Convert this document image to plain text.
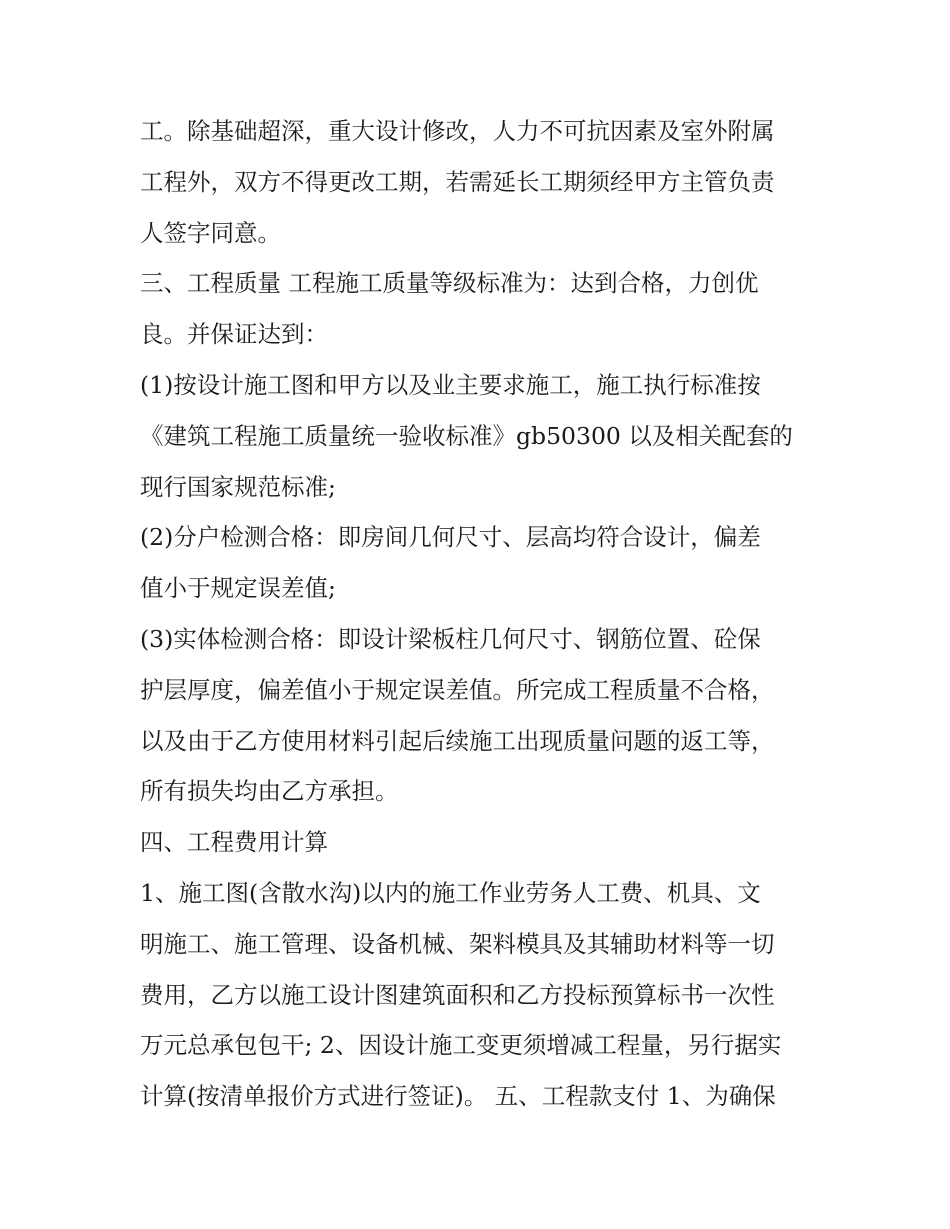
工。除基础超深，重大设计修改，人力不可抗因素及室外附属
工程外，双方不得更改工期，若需延长工期须经甲方主管负责
人签字同意。
三、工程质量 工程施工质量等级标准为：达到合格，力创优
良。并保证达到：
(1)按设计施工图和甲方以及业主要求施工，施工执行标准按
《建筑工程施工质量统一验收标准》gb50300 以及相关配套的
现行国家规范标准;
(2)分户检测合格：即房间几何尺寸、层高均符合设计，偏差
值小于规定误差值;
(3)实体检测合格：即设计梁板柱几何尺寸、钢筋位置、砼保
护层厚度，偏差值小于规定误差值。所完成工程质量不合格，
以及由于乙方使用材料引起后续施工出现质量问题的返工等，
所有损失均由乙方承担。
四、工程费用计算
1、施工图(含散水沟)以内的施工作业劳务人工费、机具、文
明施工、施工管理、设备机械、架料模具及其辅助材料等一切
费用，乙方以施工设计图建筑面积和乙方投标预算标书一次性
万元总承包包干; 2、因设计施工变更须增减工程量，另行据实
计算(按清单报价方式进行签证)。 五、工程款支付 1、为确保
